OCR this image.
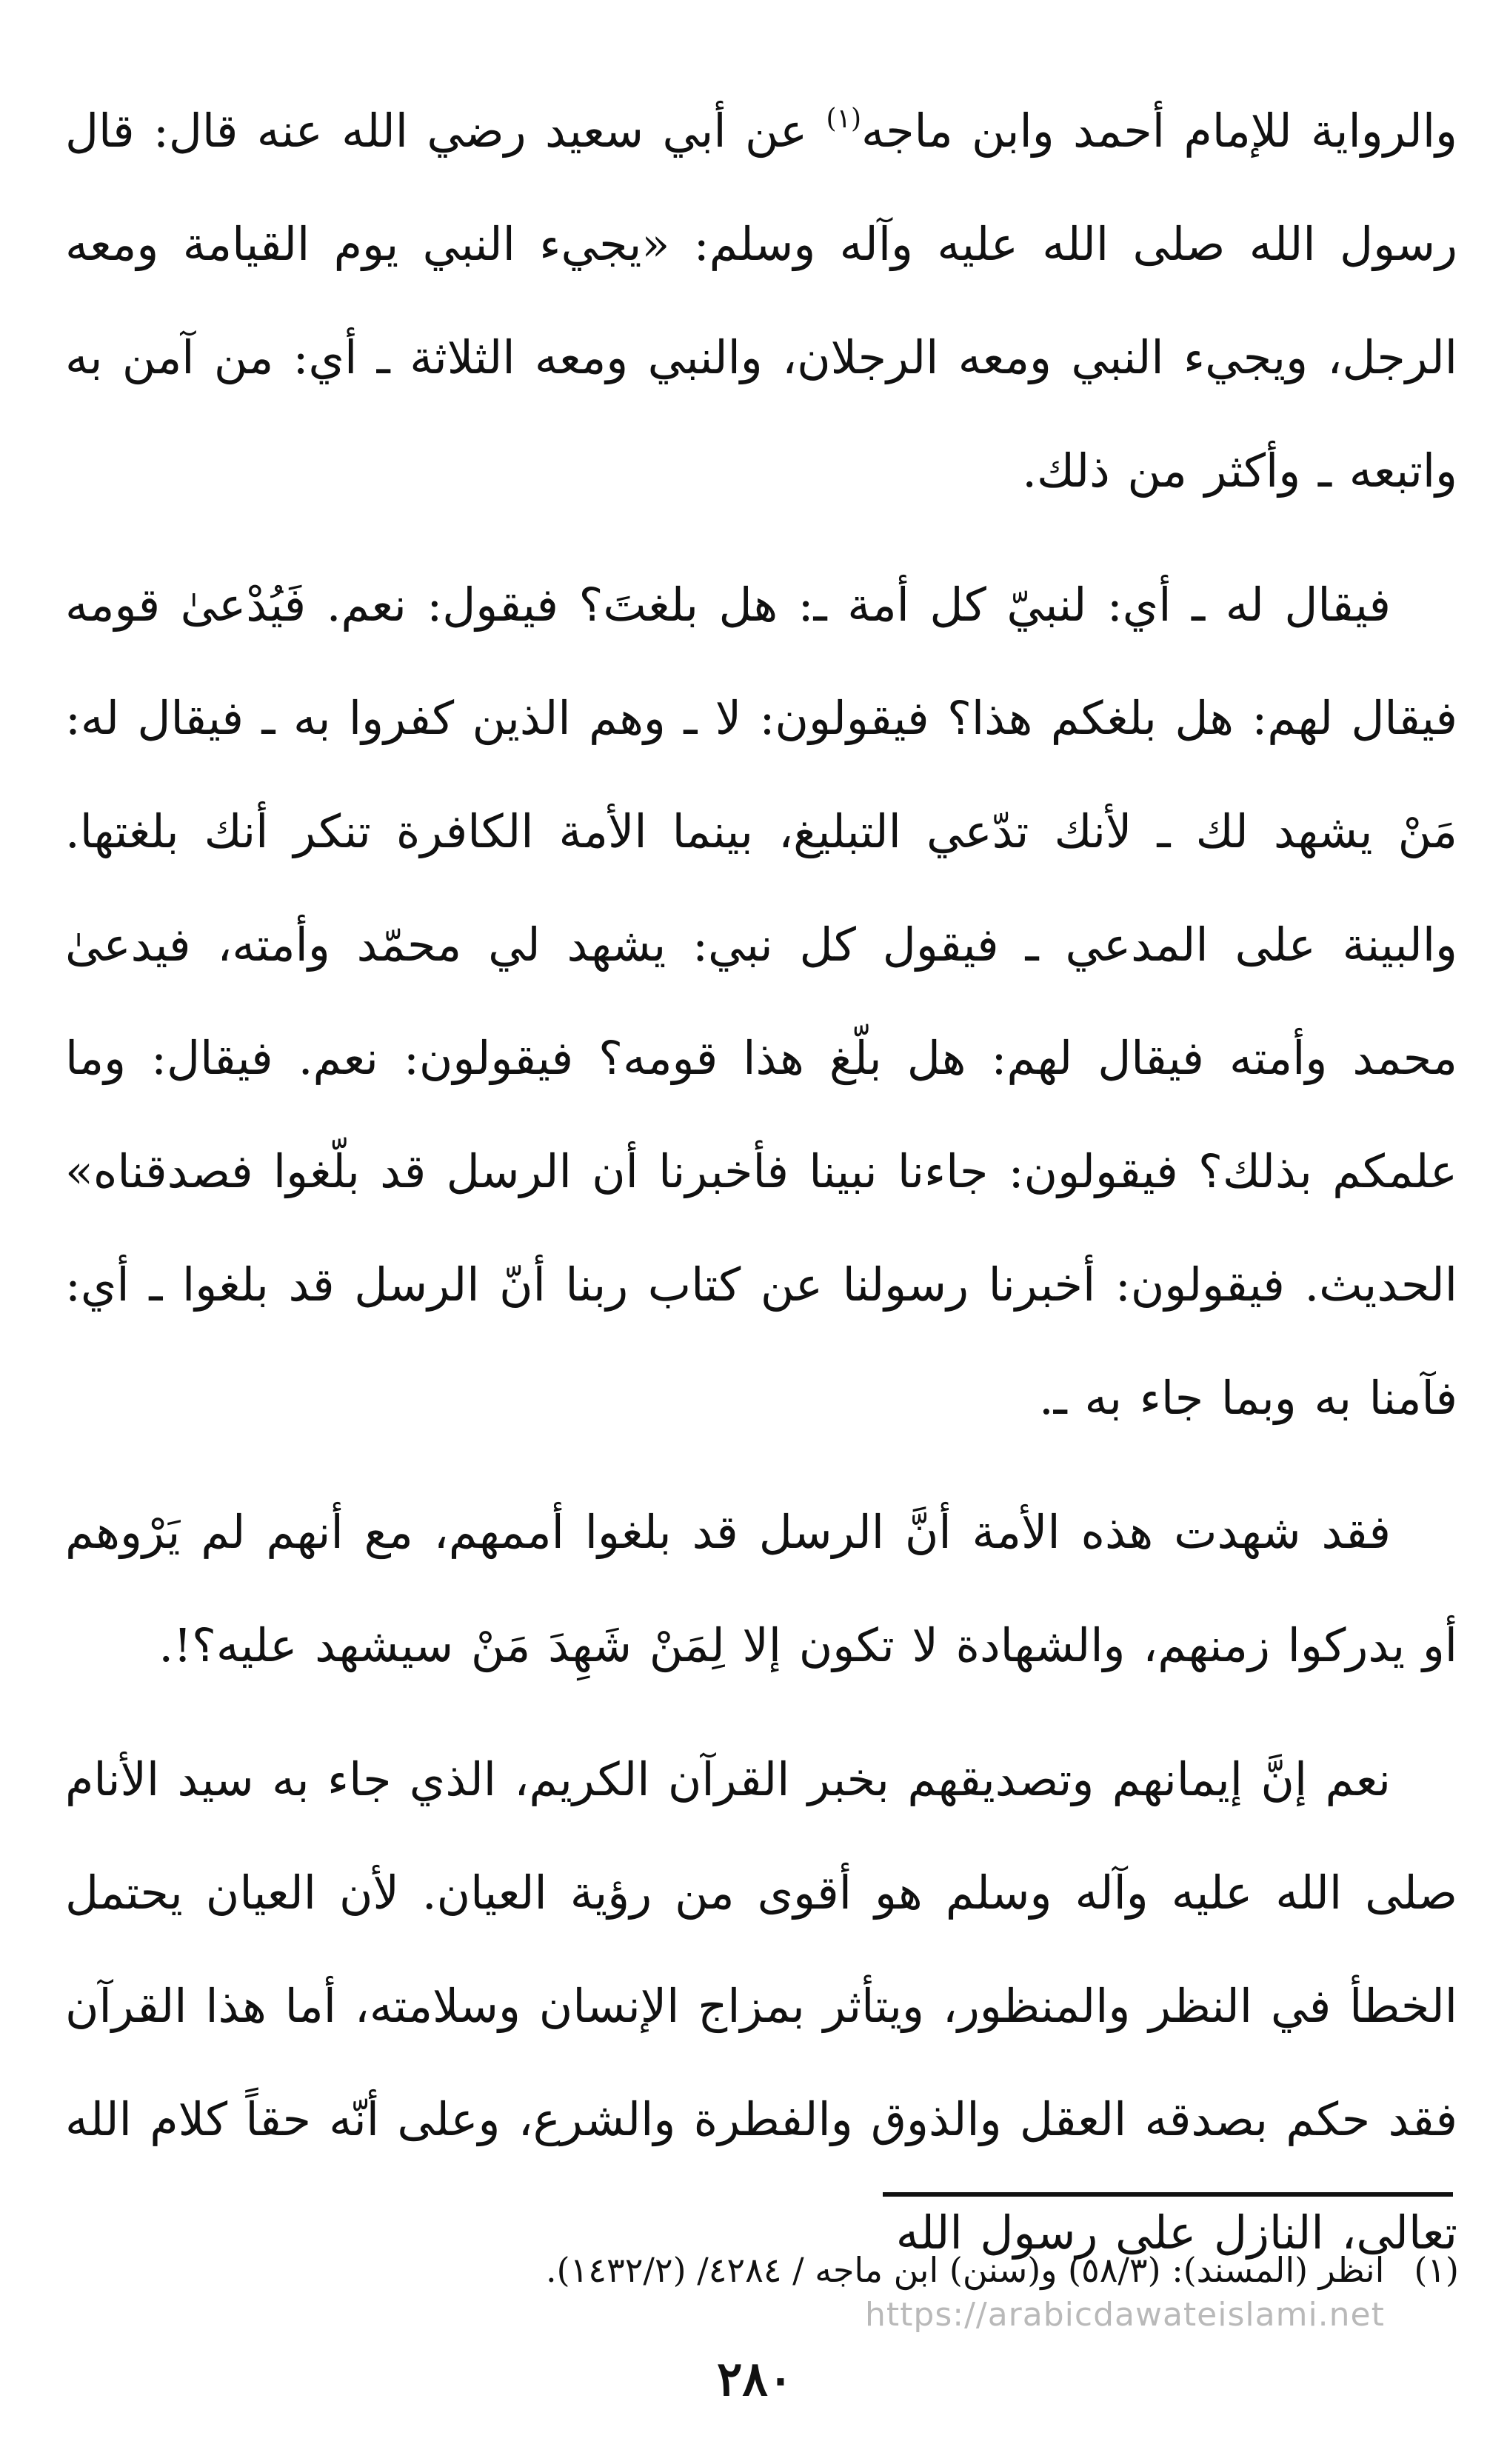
والرواية للإمام أحمد وابن ماجه$^{(١)}$ عن أبي سعيد رضي الله عنه قال: قال رسول الله صلى الله عليه وآله وسلم: «يجيء النبي يوم القيامة ومعه الرجل، ويجيء النبي ومعه الرجلان، والنبي ومعه الثلاثة ـ أي: من آمن به واتبعه ـ وأكثر من ذلك.

فيقال له ـ أي: لنبيّ كل أمة ـ: هل بلغتَ؟ فيقول: نعم. فَيُدْعىٰ قومه فيقال لهم: هل بلغكم هذا؟ فيقولون: لا ـ وهم الذين كفروا به ـ فيقال له: مَنْ يشهد لك ـ لأنك تدّعي التبليغ، بينما الأمة الكافرة تنكر أنك بلغتها. والبينة على المدعي ـ فيقول كل نبي: يشهد لي محمّد وأمته، فيدعىٰ محمد وأمته فيقال لهم: هل بلّغ هذا قومه؟ فيقولون: نعم. فيقال: وما علمكم بذلك؟ فيقولون: جاءنا نبينا فأخبرنا أن الرسل قد بلّغوا فصدقناه» الحديث. فيقولون: أخبرنا رسولنا عن كتاب ربنا أنّ الرسل قد بلغوا ـ أي: فآمنا به وبما جاء به ـ.

فقد شهدت هذه الأمة أنَّ الرسل قد بلغوا أممهم، مع أنهم لم يَرْوهم أو يدركوا زمنهم، والشهادة لا تكون إلا لِمَنْ شَهِدَ مَنْ سيشهد عليه؟!.

نعم إنَّ إيمانهم وتصديقهم بخبر القرآن الكريم، الذي جاء به سيد الأنام صلى الله عليه وآله وسلم هو أقوى من رؤية العيان. لأن العيان يحتمل الخطأ في النظر والمنظور، ويتأثر بمزاج الإنسان وسلامته، أما هذا القرآن فقد حكم بصدقه العقل والذوق والفطرة والشرع، وعلى أنّه حقاً كلام الله تعالى، النازل على رسول الله

(١)انظر (المسند): (٥٨/٣) و(سنن) ابن ماجه / ٤٢٨٤/ (١٤٣٢/٢).
https://arabicdawateislami.net
٢٨٠
